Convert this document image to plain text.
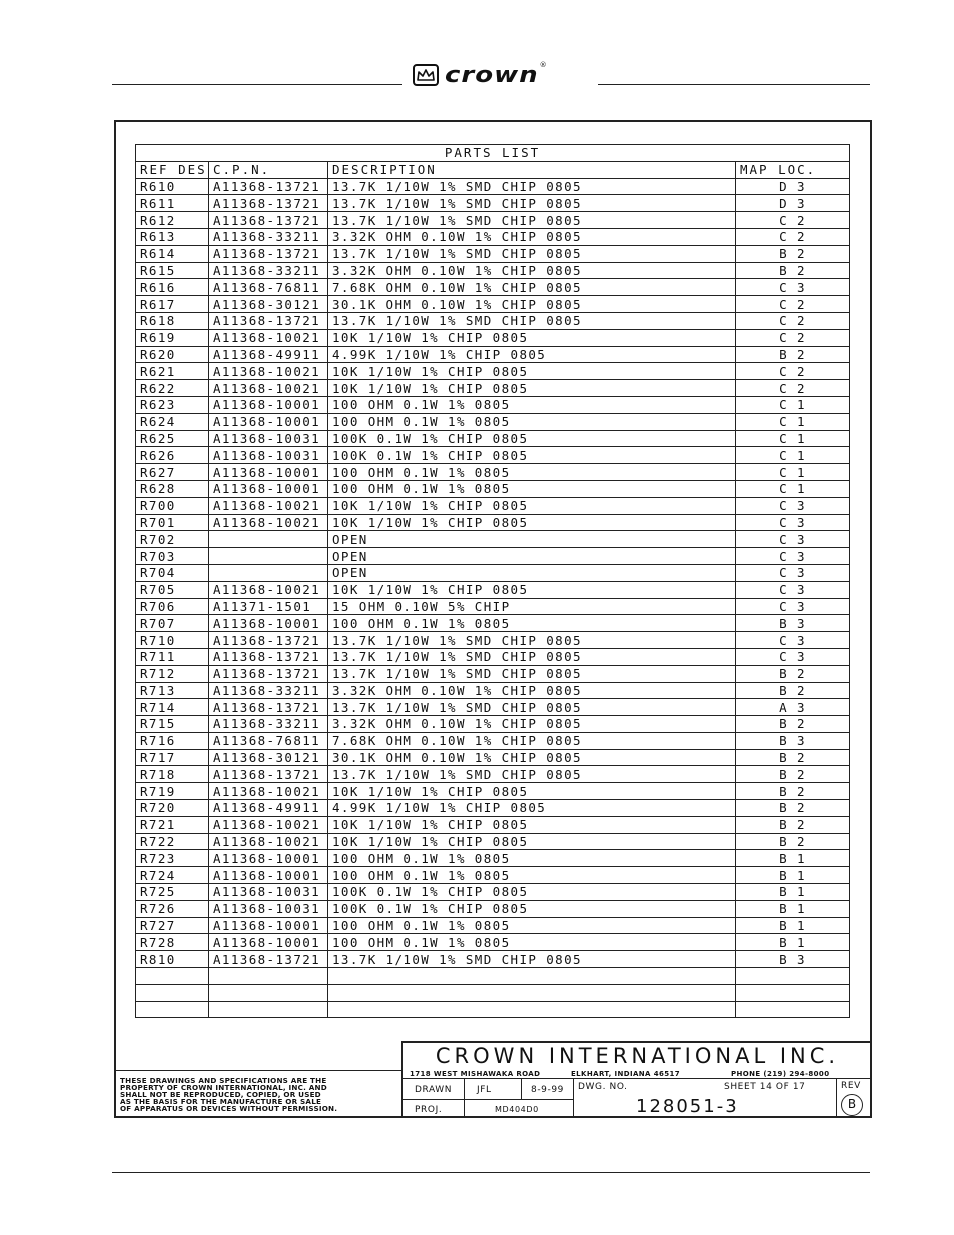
crown ®
PARTS LIST			
REF DES	C.P.N.	DESCRIPTION	MAP LOC.
R610	A11368-13721	13.7K 1/10W 1% SMD CHIP 0805	D 3
R611	A11368-13721	13.7K 1/10W 1% SMD CHIP 0805	D 3
R612	A11368-13721	13.7K 1/10W 1% SMD CHIP 0805	C 2
R613	A11368-33211	3.32K OHM 0.10W 1% CHIP 0805	C 2
R614	A11368-13721	13.7K 1/10W 1% SMD CHIP 0805	B 2
R615	A11368-33211	3.32K OHM 0.10W 1% CHIP 0805	B 2
R616	A11368-76811	7.68K OHM 0.10W 1% CHIP 0805	C 3
R617	A11368-30121	30.1K OHM 0.10W 1% CHIP 0805	C 2
R618	A11368-13721	13.7K 1/10W 1% SMD CHIP 0805	C 2
R619	A11368-10021	10K 1/10W 1% CHIP 0805	C 2
R620	A11368-49911	4.99K 1/10W 1% CHIP 0805	B 2
R621	A11368-10021	10K 1/10W 1% CHIP 0805	C 2
R622	A11368-10021	10K 1/10W 1% CHIP 0805	C 2
R623	A11368-10001	100 OHM 0.1W 1% 0805	C 1
R624	A11368-10001	100 OHM 0.1W 1% 0805	C 1
R625	A11368-10031	100K 0.1W 1% CHIP 0805	C 1
R626	A11368-10031	100K 0.1W 1% CHIP 0805	C 1
R627	A11368-10001	100 OHM 0.1W 1% 0805	C 1
R628	A11368-10001	100 OHM 0.1W 1% 0805	C 1
R700	A11368-10021	10K 1/10W 1% CHIP 0805	C 3
R701	A11368-10021	10K 1/10W 1% CHIP 0805	C 3
R702		OPEN	C 3
R703		OPEN	C 3
R704		OPEN	C 3
R705	A11368-10021	10K 1/10W 1% CHIP 0805	C 3
R706	A11371-1501	15 OHM 0.10W 5% CHIP	C 3
R707	A11368-10001	100 OHM 0.1W 1% 0805	B 3
R710	A11368-13721	13.7K 1/10W 1% SMD CHIP 0805	C 3
R711	A11368-13721	13.7K 1/10W 1% SMD CHIP 0805	C 3
R712	A11368-13721	13.7K 1/10W 1% SMD CHIP 0805	B 2
R713	A11368-33211	3.32K OHM 0.10W 1% CHIP 0805	B 2
R714	A11368-13721	13.7K 1/10W 1% SMD CHIP 0805	A 3
R715	A11368-33211	3.32K OHM 0.10W 1% CHIP 0805	B 2
R716	A11368-76811	7.68K OHM 0.10W 1% CHIP 0805	B 3
R717	A11368-30121	30.1K OHM 0.10W 1% CHIP 0805	B 2
R718	A11368-13721	13.7K 1/10W 1% SMD CHIP 0805	B 2
R719	A11368-10021	10K 1/10W 1% CHIP 0805	B 2
R720	A11368-49911	4.99K 1/10W 1% CHIP 0805	B 2
R721	A11368-10021	10K 1/10W 1% CHIP 0805	B 2
R722	A11368-10021	10K 1/10W 1% CHIP 0805	B 2
R723	A11368-10001	100 OHM 0.1W 1% 0805	B 1
R724	A11368-10001	100 OHM 0.1W 1% 0805	B 1
R725	A11368-10031	100K 0.1W 1% CHIP 0805	B 1
R726	A11368-10031	100K 0.1W 1% CHIP 0805	B 1
R727	A11368-10001	100 OHM 0.1W 1% 0805	B 1
R728	A11368-10001	100 OHM 0.1W 1% 0805	B 1
R810	A11368-13721	13.7K 1/10W 1% SMD CHIP 0805	B 3

THESE DRAWINGS AND SPECIFICATIONS ARE THE
PROPERTY OF CROWN INTERNATIONAL, INC. AND
SHALL NOT BE REPRODUCED, COPIED, OR USED
AS THE BASIS FOR THE MANUFACTURE OR SALE
OF APPARATUS OR DEVICES WITHOUT PERMISSION.
CROWN INTERNATIONAL INC.
1718 WEST MISHAWAKA ROAD	ELKHART, INDIANA 46517	PHONE (219) 294-8000
DRAWN	JFL	8-9-99 DWG. NO.	SHEET 14 OF 17	REV
B
PROJ.	MD404D0	128051-3
